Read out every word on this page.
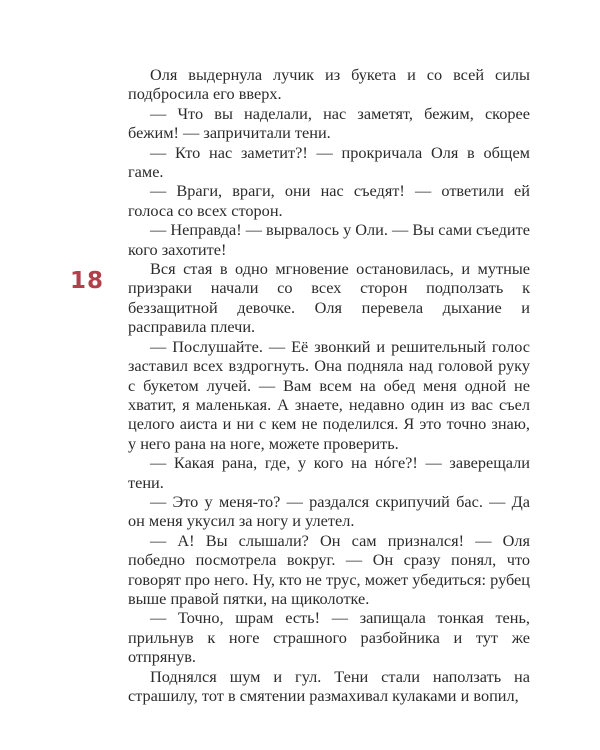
18

Оля выдернула лучик из букета и со всей силы подбросила его вверх.

— Что вы наделали, нас заметят, бежим, скорее бежим! — запричитали тени.

— Кто нас заметит?! — прокричала Оля в общем гаме.

— Враги, враги, они нас съедят! — ответили ей голоса со всех сторон.

— Неправда! — вырвалось у Оли. — Вы сами съедите кого захотите!

Вся стая в одно мгновение остановилась, и мутные призраки начали со всех сторон подползать к беззащитной девочке. Оля перевела дыхание и расправила плечи.

— Послушайте. — Её звонкий и решительный голос заставил всех вздрогнуть. Она подняла над головой руку с букетом лучей. — Вам всем на обед меня одной не хватит, я маленькая. А знаете, недавно один из вас съел целого аиста и ни с кем не поделился. Я это точно знаю, у него рана на ноге, можете проверить.

— Какая рана, где, у кого на нóге?! — заверещали тени.

— Это у меня-то? — раздался скрипучий бас. — Да он меня укусил за ногу и улетел.

— А! Вы слышали? Он сам признался! — Оля победно посмотрела вокруг. — Он сразу понял, что говорят про него. Ну, кто не трус, может убедиться: рубец выше правой пятки, на щиколотке.

— Точно, шрам есть! — запищала тонкая тень, прильнув к ноге страшного разбойника и тут же отпрянув.

Поднялся шум и гул. Тени стали наползать на страшилу, тот в смятении размахивал кулаками и вопил,
